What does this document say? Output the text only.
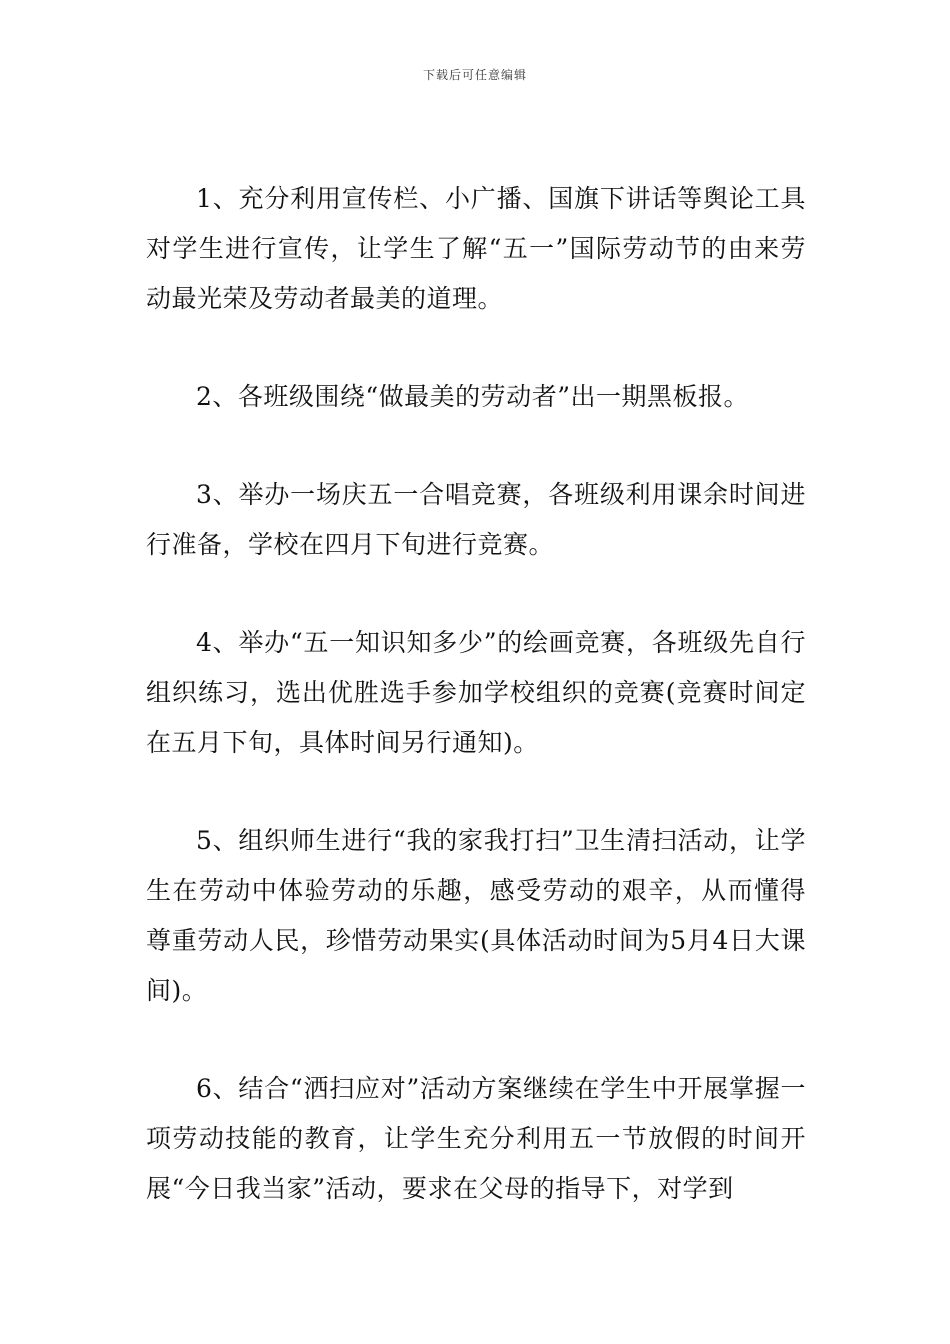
下载后可任意编辑

1、充分利用宣传栏、小广播、国旗下讲话等舆论工具对学生进行宣传，让学生了解“五一”国际劳动节的由来劳动最光荣及劳动者最美的道理。

2、各班级围绕“做最美的劳动者”出一期黑板报。

3、举办一场庆五一合唱竞赛，各班级利用课余时间进行准备，学校在四月下旬进行竞赛。

4、举办“五一知识知多少”的绘画竞赛，各班级先自行组织练习，选出优胜选手参加学校组织的竞赛(竞赛时间定在五月下旬，具体时间另行通知)。

5、组织师生进行“我的家我打扫”卫生清扫活动，让学生在劳动中体验劳动的乐趣，感受劳动的艰辛，从而懂得尊重劳动人民，珍惜劳动果实(具体活动时间为5月4日大课间)。

6、结合“洒扫应对”活动方案继续在学生中开展掌握一项劳动技能的教育，让学生充分利用五一节放假的时间开展“今日我当家”活动，要求在父母的指导下，对学到
